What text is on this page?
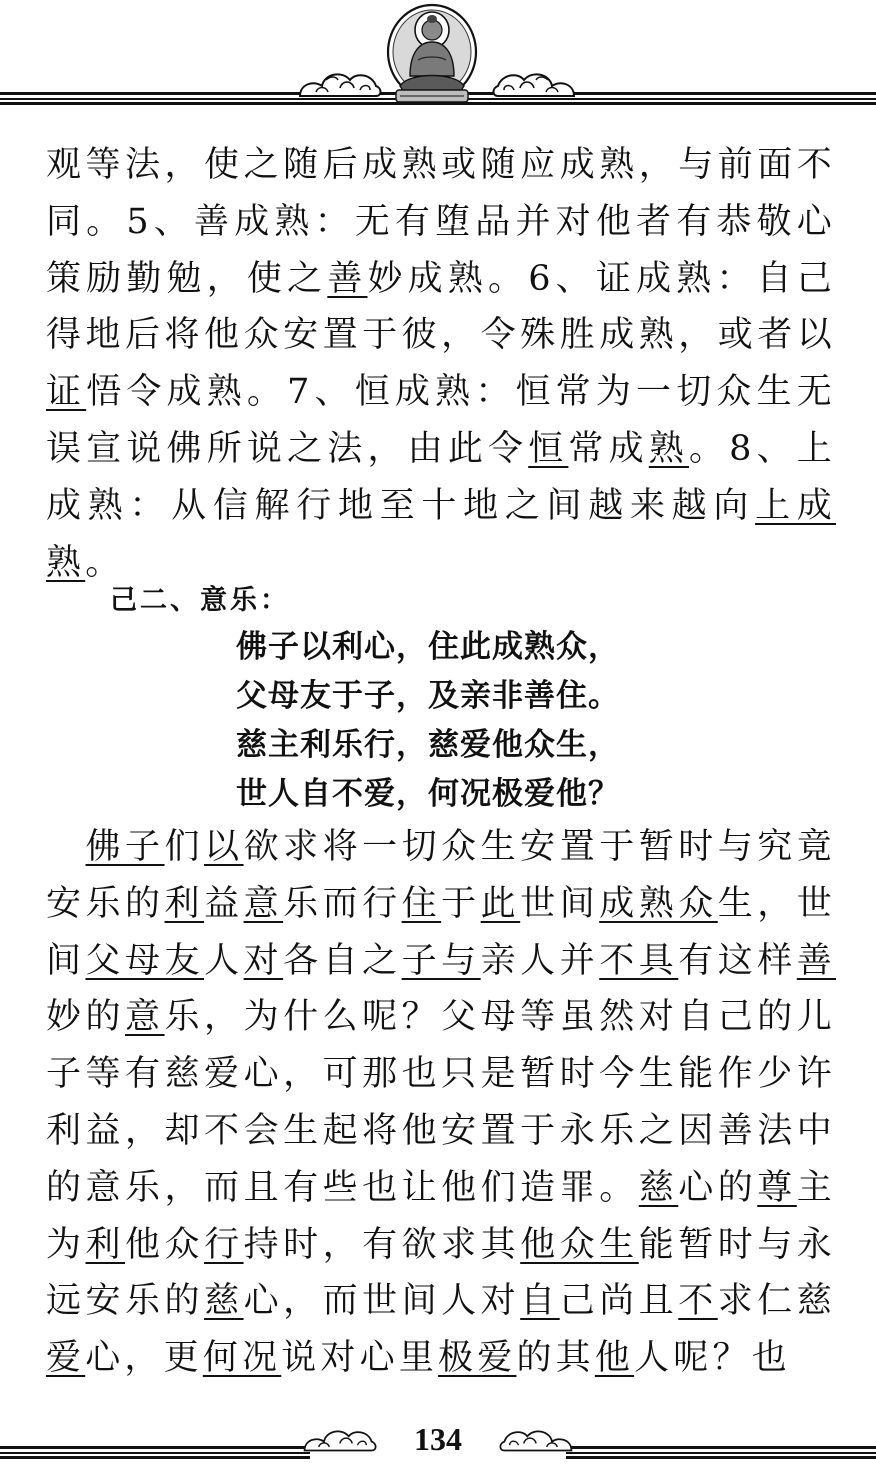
观等法，使之随后成熟或随应成熟，与前面不同。5、善成熟：无有堕品并对他者有恭敬心策励勤勉，使之善妙成熟。6、证成熟：自己得地后将他众安置于彼，令殊胜成熟，或者以证悟令成熟。7、恒成熟：恒常为一切众生无误宣说佛所说之法，由此令恒常成熟。8、上成熟：从信解行地至十地之间越来越向上成熟。

己二、意乐：
佛子以利心，住此成熟众，
父母友于子，及亲非善住。
慈主利乐行，慈爱他众生，
世人自不爱，何况极爱他？

　佛子们以欲求将一切众生安置于暂时与究竟安乐的利益意乐而行住于此世间成熟众生，世间父母友人对各自之子与亲人并不具有这样善妙的意乐，为什么呢？父母等虽然对自己的儿子等有慈爱心，可那也只是暂时今生能作少许利益，却不会生起将他安置于永乐之因善法中的意乐，而且有些也让他们造罪。慈心的尊主为利他众行持时，有欲求其他众生能暂时与永远安乐的慈心，而世间人对自己尚且不求仁慈爱心，更何况说对心里极爱的其他人呢？也

134
